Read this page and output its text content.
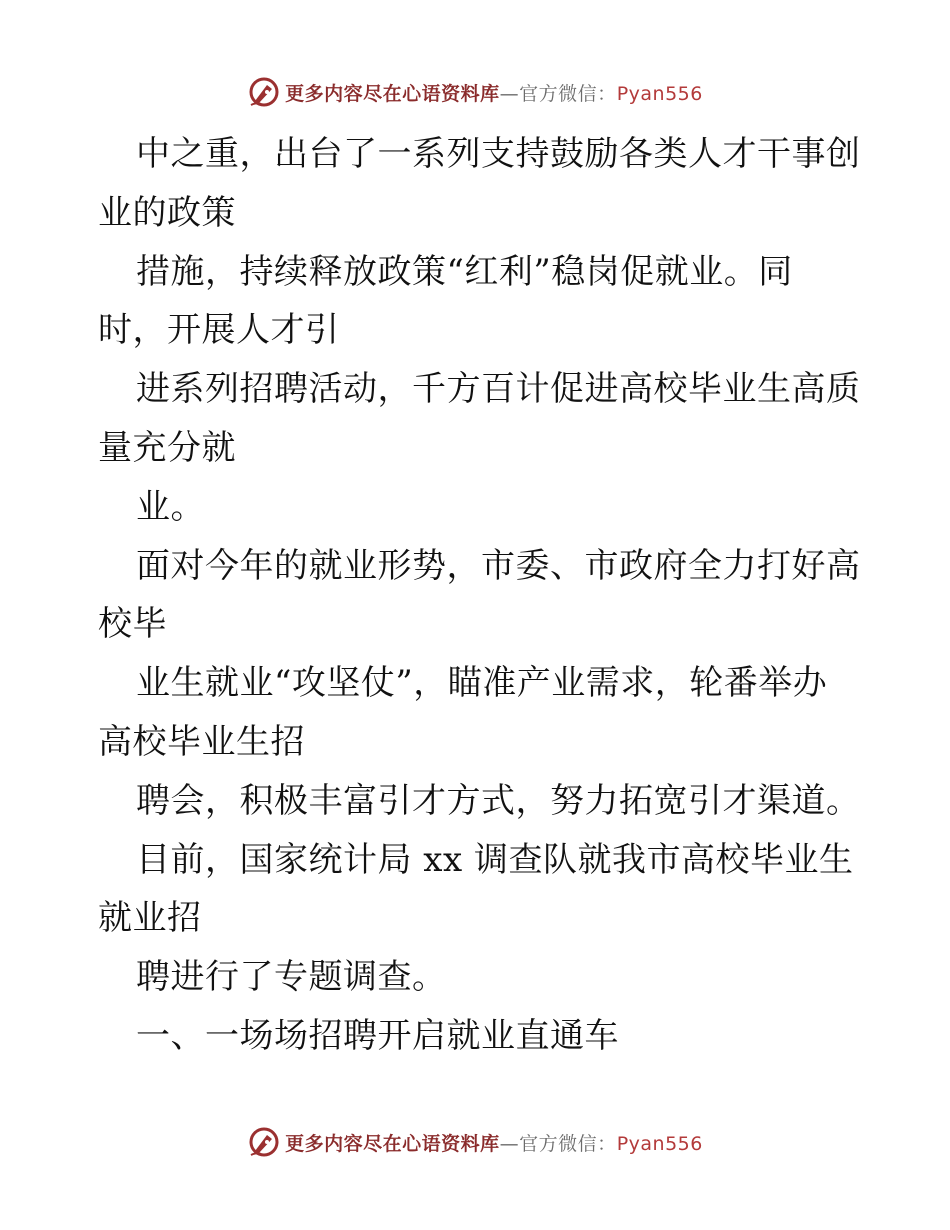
更多内容尽在心语资料库—官方微信：Pyan556
中之重，出台了一系列支持鼓励各类人才干事创
业的政策
措施，持续释放政策“红利”稳岗促就业。同
时，开展人才引
进系列招聘活动，千方百计促进高校毕业生高质
量充分就
业。
面对今年的就业形势，市委、市政府全力打好高
校毕
业生就业“攻坚仗”，瞄准产业需求，轮番举办
高校毕业生招
聘会，积极丰富引才方式，努力拓宽引才渠道。
目前，国家统计局 xx 调查队就我市高校毕业生
就业招
聘进行了专题调查。
一、一场场招聘开启就业直通车
更多内容尽在心语资料库—官方微信：Pyan556
